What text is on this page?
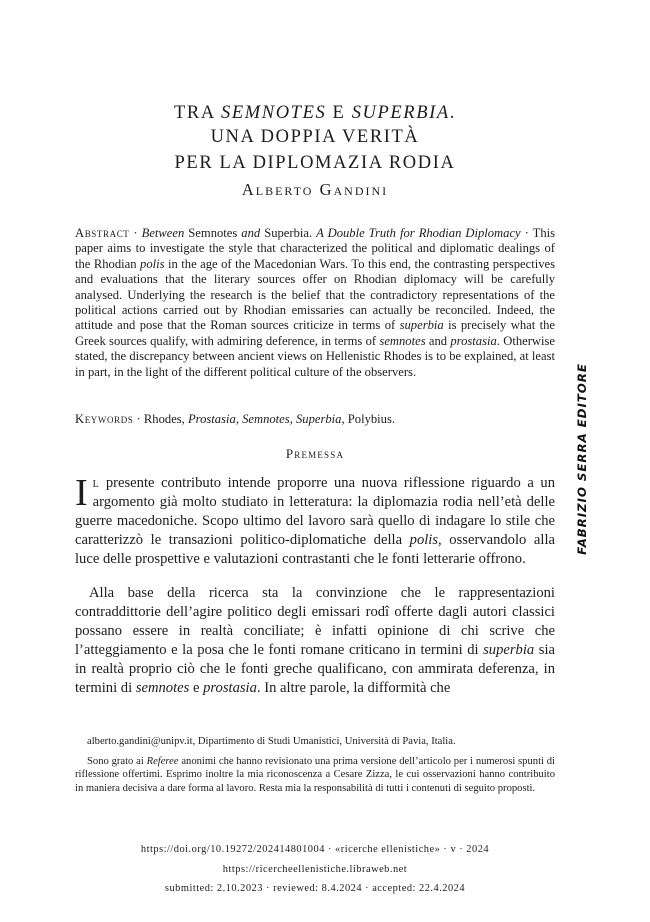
TRA SEMNOTES E SUPERBIA.
UNA DOPPIA VERITÀ
PER LA DIPLOMAZIA RODIA
Alberto Gandini
Abstract · Between Semnotes and Superbia. A Double Truth for Rhodian Diplomacy · This paper aims to investigate the style that characterized the political and diplomatic dealings of the Rhodian polis in the age of the Macedonian Wars. To this end, the contrasting perspectives and evaluations that the literary sources offer on Rhodian diplomacy will be carefully analysed. Underlying the research is the belief that the contradictory representations of the political actions carried out by Rhodian emissaries can actually be reconciled. Indeed, the attitude and pose that the Roman sources criticize in terms of superbia is precisely what the Greek sources qualify, with admiring deference, in terms of semnotes and prostasia. Otherwise stated, the discrepancy between ancient views on Hellenistic Rhodes is to be explained, at least in part, in the light of the different political culture of the observers.
Keywords · Rhodes, Prostasia, Semnotes, Superbia, Polybius.
Premessa
Il presente contributo intende proporre una nuova riflessione riguardo a un argomento già molto studiato in letteratura: la diplomazia rodia nell’età delle guerre macedoniche. Scopo ultimo del lavoro sarà quello di indagare lo stile che caratterizzò le transazioni politico-diplomatiche della polis, osservandolo alla luce delle prospettive e valutazioni contrastanti che le fonti letterarie offrono.
Alla base della ricerca sta la convinzione che le rappresentazioni contraddittorie dell’agire politico degli emissari rodî offerte dagli autori classici possano essere in realtà conciliate; è infatti opinione di chi scrive che l’atteggiamento e la posa che le fonti romane criticano in termini di superbia sia in realtà proprio ciò che le fonti greche qualificano, con ammirata deferenza, in termini di semnotes e prostasia. In altre parole, la difformità che
alberto.gandini@unipv.it, Dipartimento di Studi Umanistici, Università di Pavia, Italia.
Sono grato ai Referee anonimi che hanno revisionato una prima versione dell’articolo per i numerosi spunti di riflessione offertimi. Esprimo inoltre la mia riconoscenza a Cesare Zizza, le cui osservazioni hanno contribuito in maniera decisiva a dare forma al lavoro. Resta mia la responsabilità di tutti i contenuti di seguito proposti.
https://doi.org/10.19272/202414801004 · «ricerche ellenistiche» · v · 2024
https://ricercheellenistiche.libraweb.net
submitted: 2.10.2023 · reviewed: 8.4.2024 · accepted: 22.4.2024
FABRIZIO SERRA EDITORE
